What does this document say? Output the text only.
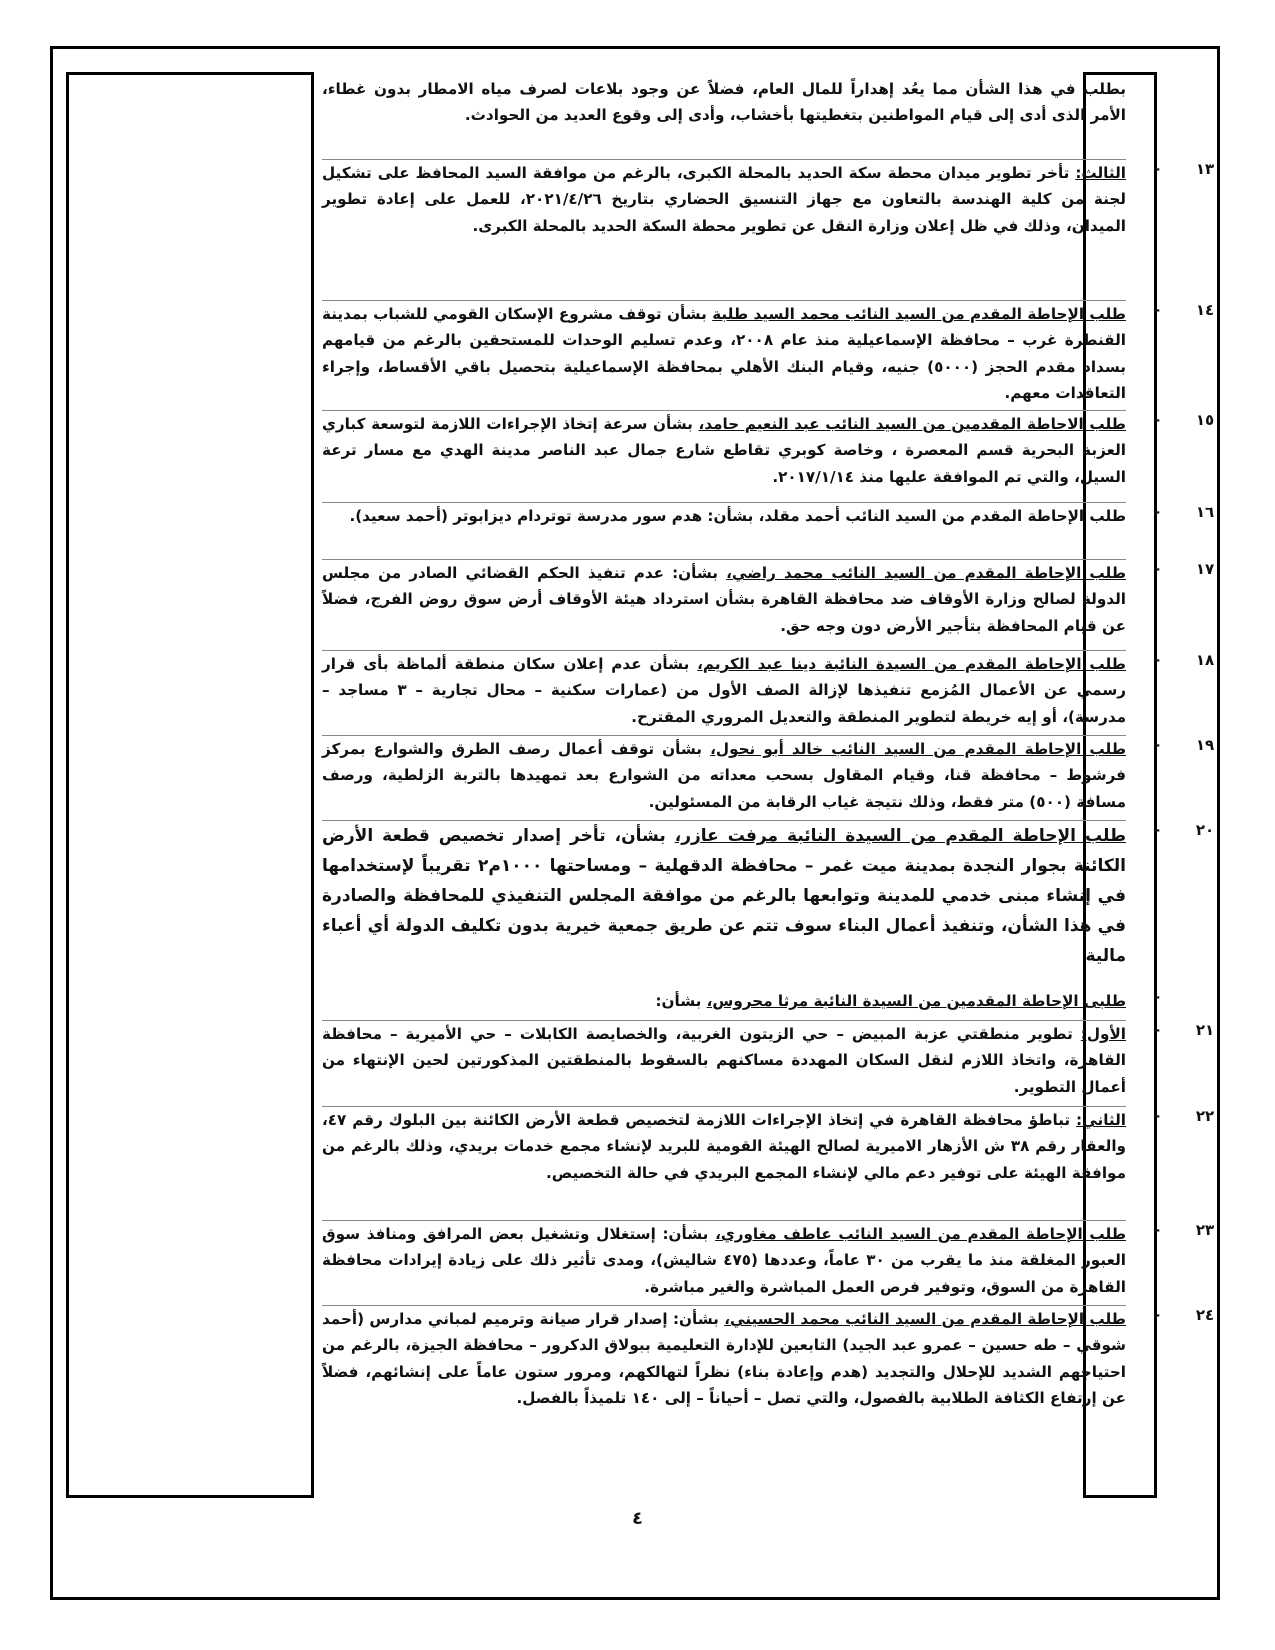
بطلب في هذا الشأن مما يعُد إهداراً للمال العام، فضلاً عن وجود بلاعات لصرف مياه الامطار بدون غطاء، الأمر الذى أدى إلى قيام المواطنين بتغطيتها بأخشاب، وأدى إلى وقوع العديد من الحوادث.
١٣
-
الثالث: تأخر تطوير ميدان محطة سكة الحديد بالمحلة الكبرى، بالرغم من موافقة السيد المحافظ على تشكيل لجنة من كلية الهندسة بالتعاون مع جهاز التنسيق الحضاري بتاريخ ٢٠٢١/٤/٢٦، للعمل على إعادة تطوير الميدان، وذلك في ظل إعلان وزارة النقل عن تطوير محطة السكة الحديد بالمحلة الكبرى.
١٤
-
طلب الإحاطة المقدم من السيد النائب محمد السيد طلبة بشأن توقف مشروع الإسكان القومي للشباب بمدينة القنطرة غرب – محافظة الإسماعيلية منذ عام ٢٠٠٨، وعدم تسليم الوحدات للمستحقين بالرغم من قيامهم بسداد مقدم الحجز (٥٠٠٠) جنيه، وقيام البنك الأهلي بمحافظة الإسماعيلية بتحصيل باقي الأقساط، وإجراء التعاقدات معهم.
١٥
-
طلب الاحاطة المقدمين من السيد النائب عبد النعيم حامد، بشأن سرعة إتخاذ الإجراءات اللازمة لتوسعة كباري العزبة البحرية قسم المعصرة ، وخاصة كوبري تقاطع شارع جمال عبد الناصر مدينة الهدي مع مسار ترعة السيل، والتي تم الموافقة عليها منذ ٢٠١٧/١/١٤.
١٦
-
طلب الإحاطة المقدم من السيد النائب أحمد مقلد، بشأن: هدم سور مدرسة توتردام ديزابوتر (أحمد سعيد).
١٧
-
طلب الإحاطة المقدم من السيد النائب محمد راضي، بشأن: عدم تنفيذ الحكم القضائي الصادر من مجلس الدولة لصالح وزارة الأوقاف ضد محافظة القاهرة بشأن استرداد هيئة الأوقاف أرض سوق روض الفرج، فضلاً عن قيام المحافظة بتأجير الأرض دون وجه حق.
١٨
-
طلب الإحاطة المقدم من السيدة النائبة دينا عبد الكريم، بشأن عدم إعلان سكان منطقة ألماظة بأى قرار رسمي عن الأعمال المُزمع تنفيذها لإزالة الصف الأول من (عمارات سكنية – محال تجارية – ٣ مساجد – مدرسة)، أو إيه خريطة لتطوير المنطقة والتعديل المروري المقترح.
١٩
-
طلب الإحاطة المقدم من السيد النائب خالد أبو نحول، بشأن توقف أعمال رصف الطرق والشوارع بمركز فرشوط – محافظة قنا، وقيام المقاول بسحب معداته من الشوارع بعد تمهيدها بالتربة الزلطية، ورصف مسافة (٥٠٠) متر فقط، وذلك نتيجة غياب الرقابة من المسئولين.
٢٠
-
طلب الإحاطة المقدم من السيدة النائبة مرفت عازر، بشأن، تأخر إصدار تخصيص قطعة الأرض الكائنة بجوار النجدة بمدينة ميت غمر – محافظة الدقهلية – ومساحتها ١٠٠٠م٢ تقريباً لإستخدامها في إنشاء مبنى خدمي للمدينة وتوابعها بالرغم من موافقة المجلس التنفيذي للمحافظة والصادرة في هذا الشأن، وتنفيذ أعمال البناء سوف تتم عن طريق جمعية خيرية بدون تكليف الدولة أي أعباء مالية
-
طلبى الإحاطة المقدمين من السيدة النائبة مرثا محروس، بشأن:
٢١
-
الأول: تطوير منطقتي عزبة المبيض – حي الزيتون الغربية، والخصايصة الكابلات – حي الأميرية – محافظة القاهرة، واتخاذ اللازم لنقل السكان المهددة مساكنهم بالسقوط بالمنطقتين المذكورتين لحين الإنتهاء من أعمال التطوير.
٢٢
-
الثاني: تباطؤ محافظة القاهرة في إتخاذ الإجراءات اللازمة لتخصيص قطعة الأرض الكائنة بين البلوك رقم ٤٧، والعقار رقم ٣٨ ش الأزهار الاميرية لصالح الهيئة القومية للبريد لإنشاء مجمع خدمات بريدي، وذلك بالرغم من موافقة الهيئة على توفير دعم مالي لإنشاء المجمع البريدي في حالة التخصيص.
٢٣
-
طلب الإحاطة المقدم من السيد النائب عاطف مغاوري، بشأن: إستغلال وتشغيل بعض المرافق ومنافذ سوق العبور المغلقة منذ ما يقرب من ٣٠ عاماً، وعددها (٤٧٥ شاليش)، ومدى تأثير ذلك على زيادة إيرادات محافظة القاهرة من السوق، وتوفير فرص العمل المباشرة والغير مباشرة.
٢٤
-
طلب الإحاطة المقدم من السيد النائب محمد الحسيني، بشأن: إصدار قرار صيانة وترميم لمباني مدارس (أحمد شوقي – طه حسين – عمرو عبد الجيد) التابعين للإدارة التعليمية ببولاق الدكرور – محافظة الجيزة، بالرغم من احتياجهم الشديد للإحلال والتجديد (هدم وإعادة بناء) نظراً لتهالكهم، ومرور ستون عاماً على إنشائهم، فضلاً عن إرتفاع الكثافة الطلابية بالفصول، والتي تصل – أحياناً – إلى ١٤٠ تلميذاً بالفصل.
٤
